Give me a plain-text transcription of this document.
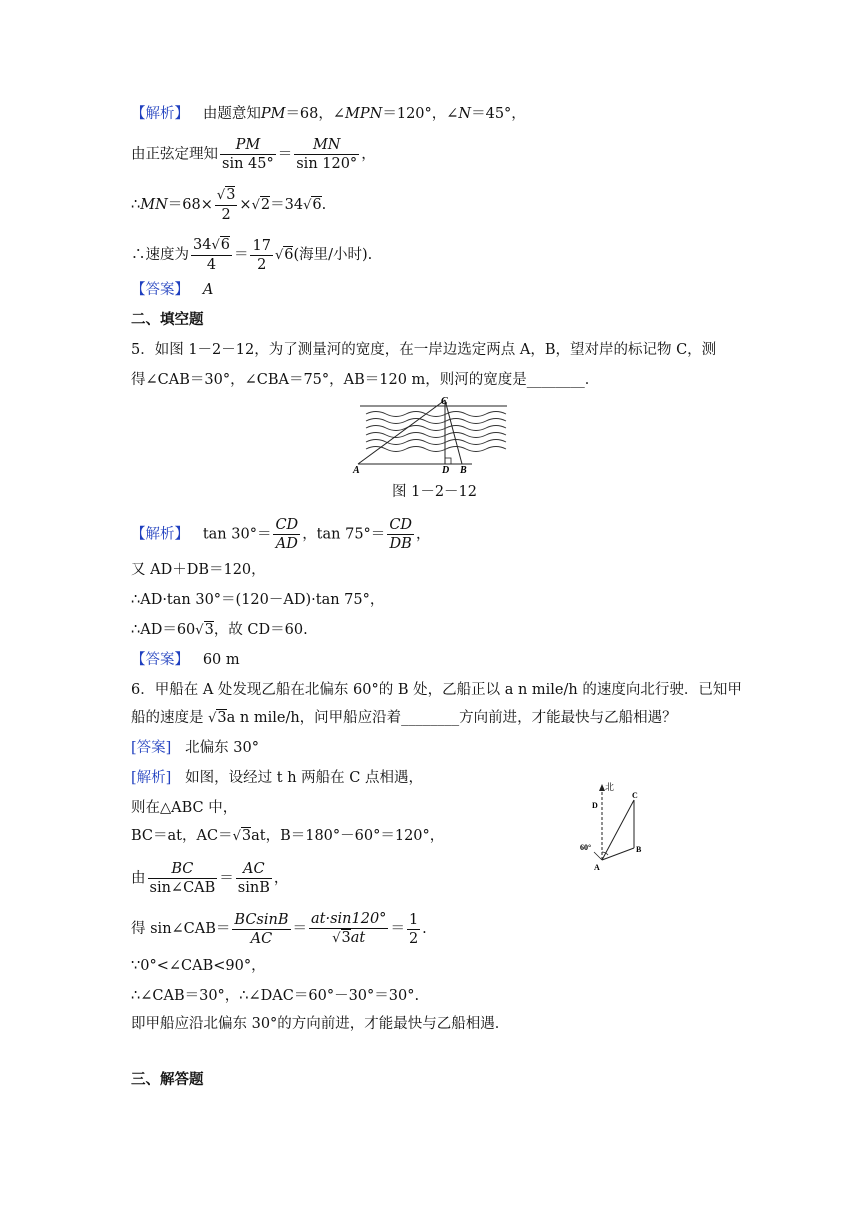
【解析】 由题意知PM＝68，∠MPN＝120°，∠N＝45°，
由正弦定理知 $\frac{PM}{\sin 45^\circ} = \frac{MN}{\sin 120^\circ}$ ，
∴MN＝68× $\frac{√3}{2} \times√2=34√6$.
∴速度为 $\frac{34√6}{4} = \frac{17}{2} √6$(海里/小时).
【答案】 A
二、填空题
5．如图 1－2－12，为了测量河的宽度，在一岸边选定两点 A，B，望对岸的标记物 C，测
得∠CAB＝30°，∠CBA＝75°，AB＝120 m，则河的宽度是________．
C
A	D B
图 1－2－12
【解析】 $\tan 30^\circ= \frac{CD}{AD}$ ，$\tan 75^\circ= \frac{CD}{DB}$ ，
又 AD＋DB＝120，
∴AD·tan 30°＝(120－AD)·tan 75°，
∴AD＝60√3，故 CD＝60.
【答案】 60 m
6．甲船在 A 处发现乙船在北偏东 60°的 B 处，乙船正以 a n mile/h 的速度向北行驶．已知甲
船的速度是 √3a n mile/h，问甲船应沿着________方向前进，才能最快与乙船相遇？
[答案] 北偏东 30°
[解析] 如图，设经过 t h 两船在 C 点相遇，
则在△ABC 中，
BC＝at，AC＝√3at，B＝180°－60°＝120°，
由 $\frac{BC}{\text{sin∠CAB}} = \frac{AC}{\sin B}$ ，
得 sin∠CAB＝ $\frac{BCsinB}{AC} = \frac{at\cdot\sin 120^\circ}{√3at} = \frac{1}{2}$ .
∵0°<∠CAB<90°，
∴∠CAB＝30°，∴∠DAC＝60°－30°＝30°.
即甲船应沿北偏东 30°的方向前进，才能最快与乙船相遇．
北
D
C
60°	B
A
三、解答题
